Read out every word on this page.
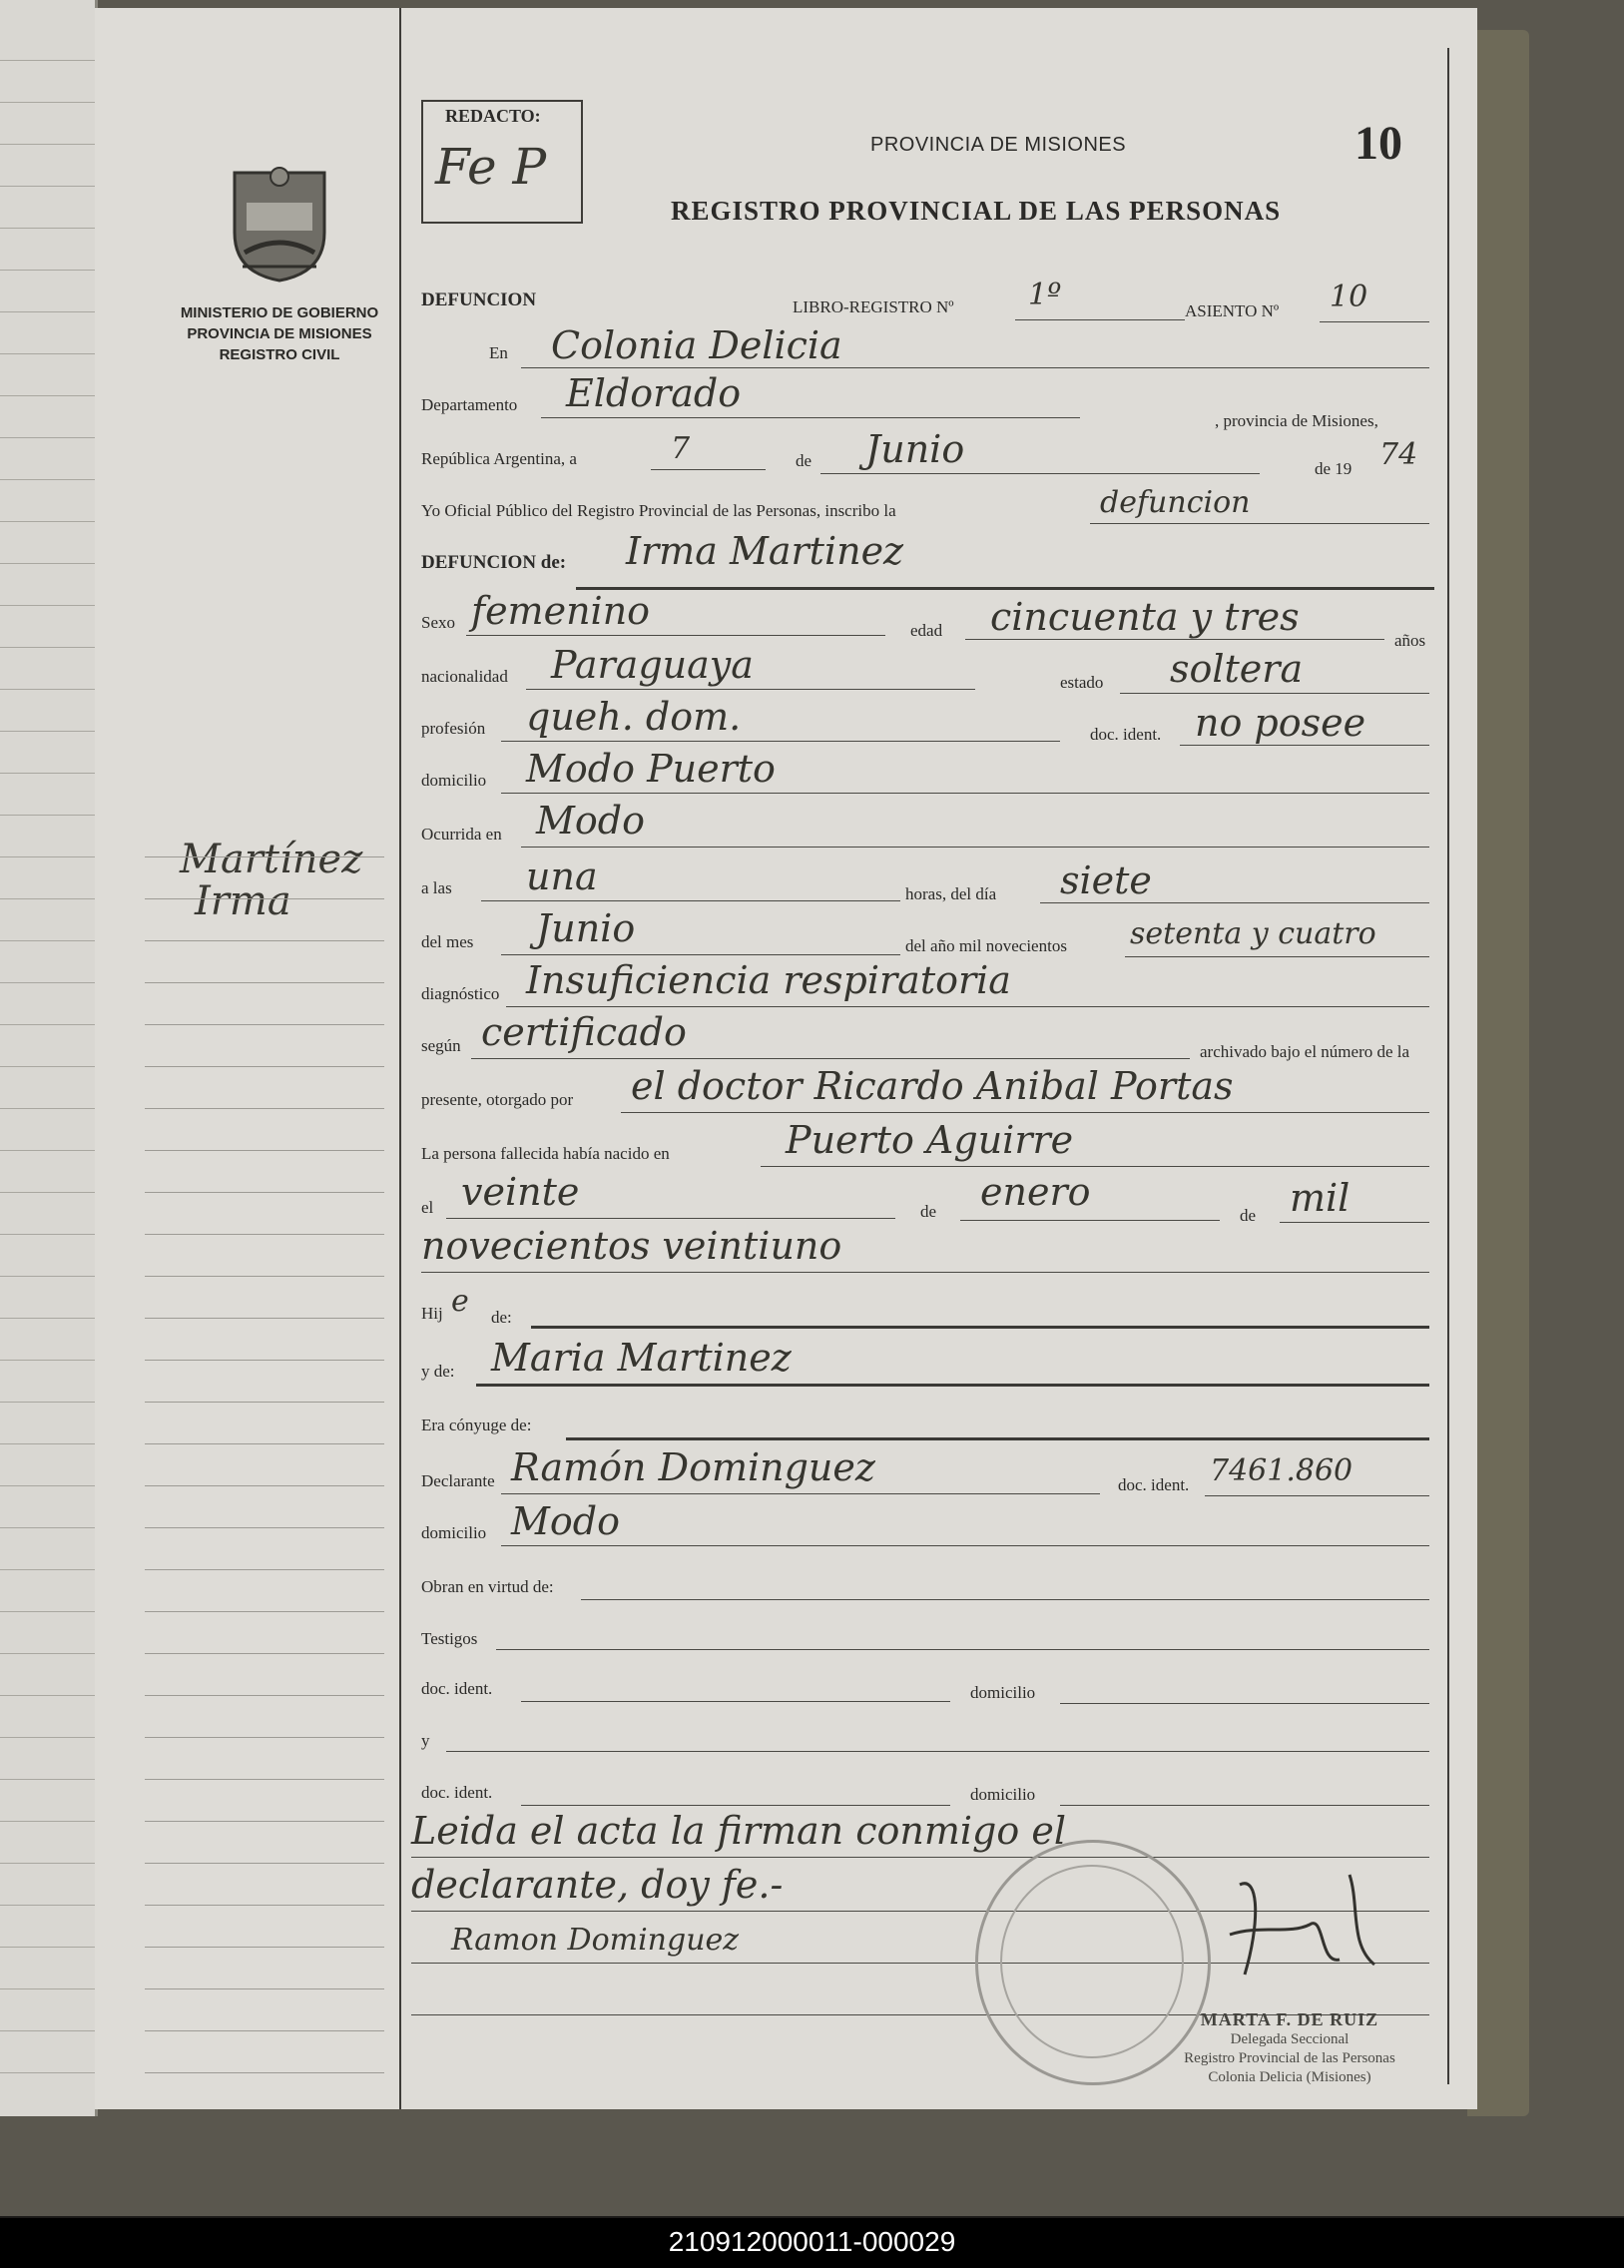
MINISTERIO DE GOBIERNO
PROVINCIA DE MISIONES
REGISTRO CIVIL
Martínez
Irma
REDACTO:
Fe P	PROVINCIA DE MISIONES	10
REGISTRO PROVINCIAL DE LAS PERSONAS
DEFUNCION	LIBRO-REGISTRO Nº 1º	ASIENTO Nº 10
En Colonia Delicia
Departamento Eldorado
, provincia de Misiones,
República Argentina, a	7	de Junio	de 19 74
Yo Oficial Público del Registro Provincial de las Personas, inscribo la	defuncion
DEFUNCION de: Irma Martinez
Sexo femenino	edad cincuenta y tres
años
nacionalidad Paraguaya	estado soltera
profesión queh. dom.	doc. ident. no posee
domicilio Modo Puerto
Ocurrida en Modo
a las una	horas, del día siete
del mes Junio	del año mil novecientos setenta y cuatro
diagnóstico Insuficiencia respiratoria
según certificado	archivado bajo el número de la
presente, otorgado por el doctor Ricardo Anibal Portas
La persona fallecida había nacido en	Puerto Aguirre
el veinte	de enero
de mil
novecientos veintiuno
Hij e de:
y de: Maria Martinez
Era cónyuge de:
Declarante Ramón Dominguez	doc. ident. 7461.860
domicilio Modo
Obran en virtud de:
Testigos
doc. ident.	domicilio
y
doc. ident.	domicilio
Leida el acta la firman conmigo el
declarante, doy fe.-
Ramon Dominguez
MARTA F. DE RUIZ
Delegada Seccional
Registro Provincial de las Personas
Colonia Delicia (Misiones)
210912000011-000029
